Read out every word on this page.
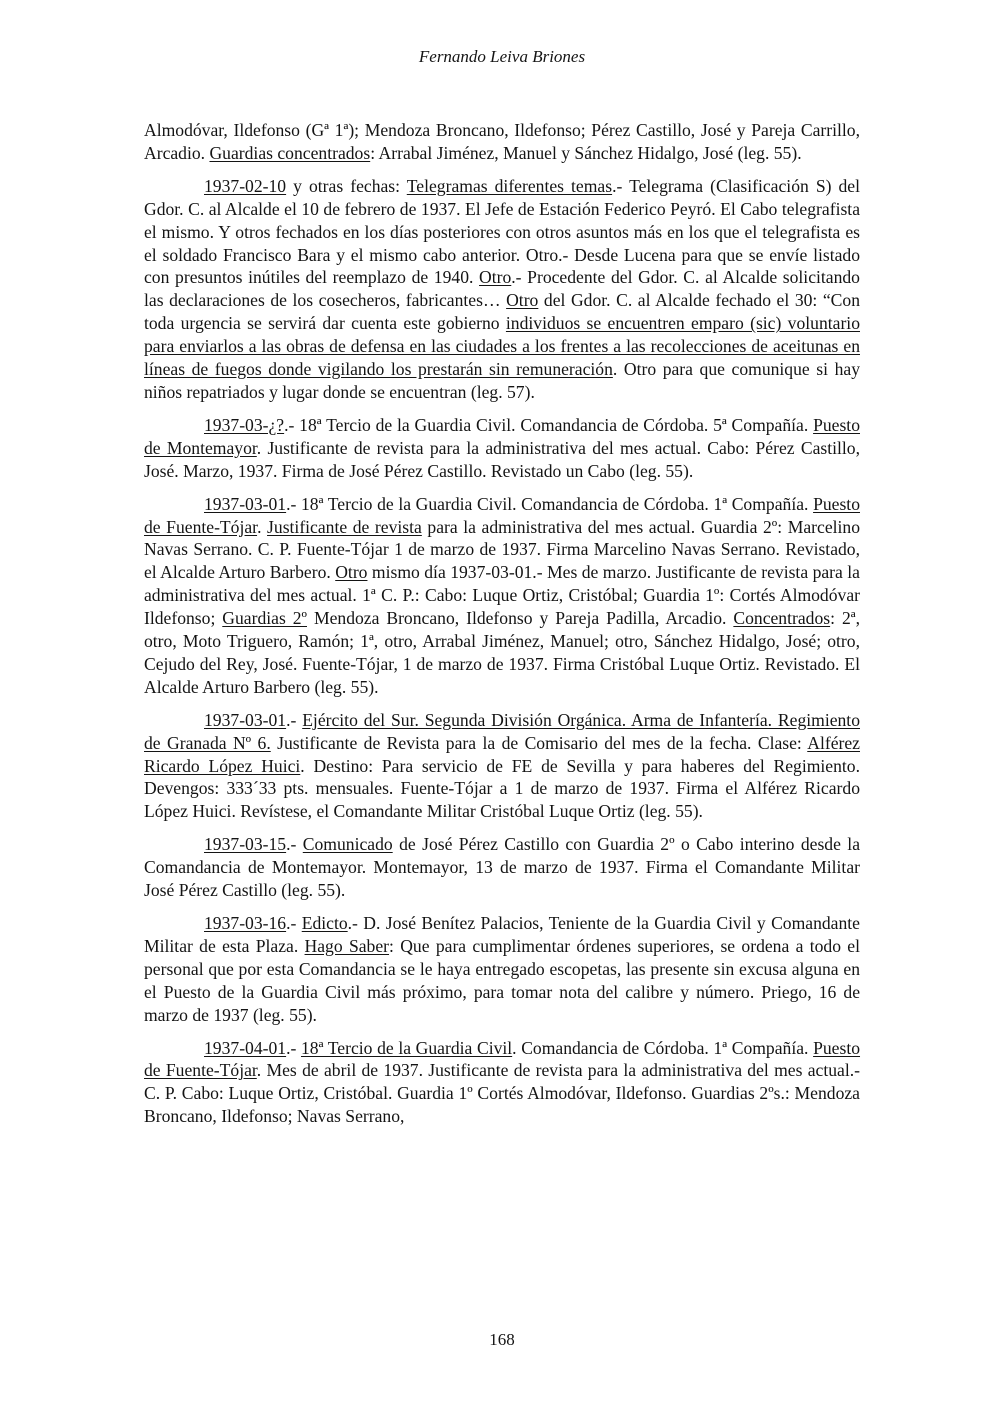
Fernando Leiva Briones

Almodóvar, Ildefonso (Gª 1ª); Mendoza Broncano, Ildefonso; Pérez Castillo, José y Pareja Carrillo, Arcadio. Guardias concentrados: Arrabal Jiménez, Manuel y Sánchez Hidalgo, José (leg. 55).

1937-02-10 y otras fechas: Telegramas diferentes temas.- Telegrama (Clasificación S) del Gdor. C. al Alcalde el 10 de febrero de 1937. El Jefe de Estación Federico Peyró. El Cabo telegrafista el mismo. Y otros fechados en los días posteriores con otros asuntos más en los que el telegrafista es el soldado Francisco Bara y el mismo cabo anterior. Otro.- Desde Lucena para que se envíe listado con presuntos inútiles del reemplazo de 1940. Otro.- Procedente del Gdor. C. al Alcalde solicitando las declaraciones de los cosecheros, fabricantes… Otro del Gdor. C. al Alcalde fechado el 30: “Con toda urgencia se servirá dar cuenta este gobierno individuos se encuentren emparo (sic) voluntario para enviarlos a las obras de defensa en las ciudades a los frentes a las recolecciones de aceitunas en líneas de fuegos donde vigilando los prestarán sin remuneración. Otro para que comunique si hay niños repatriados y lugar donde se encuentran (leg. 57).

1937-03-¿?.- 18ª Tercio de la Guardia Civil. Comandancia de Córdoba. 5ª Compañía. Puesto de Montemayor. Justificante de revista para la administrativa del mes actual. Cabo: Pérez Castillo, José. Marzo, 1937. Firma de José Pérez Castillo. Revistado un Cabo (leg. 55).

1937-03-01.- 18ª Tercio de la Guardia Civil. Comandancia de Córdoba. 1ª Compañía. Puesto de Fuente-Tójar. Justificante de revista para la administrativa del mes actual. Guardia 2º: Marcelino Navas Serrano. C. P. Fuente-Tójar 1 de marzo de 1937. Firma Marcelino Navas Serrano. Revistado, el Alcalde Arturo Barbero. Otro mismo día 1937-03-01.- Mes de marzo. Justificante de revista para la administrativa del mes actual. 1ª C. P.: Cabo: Luque Ortiz, Cristóbal; Guardia 1º: Cortés Almodóvar Ildefonso; Guardias 2º Mendoza Broncano, Ildefonso y Pareja Padilla, Arcadio. Concentrados: 2ª, otro, Moto Triguero, Ramón; 1ª, otro, Arrabal Jiménez, Manuel; otro, Sánchez Hidalgo, José; otro, Cejudo del Rey, José. Fuente-Tójar, 1 de marzo de 1937. Firma Cristóbal Luque Ortiz. Revistado. El Alcalde Arturo Barbero (leg. 55).

1937-03-01.- Ejército del Sur. Segunda División Orgánica. Arma de Infantería. Regimiento de Granada Nº 6. Justificante de Revista para la de Comisario del mes de la fecha. Clase: Alférez Ricardo López Huici. Destino: Para servicio de FE de Sevilla y para haberes del Regimiento. Devengos: 333´33 pts. mensuales. Fuente-Tójar a 1 de marzo de 1937. Firma el Alférez Ricardo López Huici. Revístese, el Comandante Militar Cristóbal Luque Ortiz (leg. 55).

1937-03-15.- Comunicado de José Pérez Castillo con Guardia 2º o Cabo interino desde la Comandancia de Montemayor. Montemayor, 13 de marzo de 1937. Firma el Comandante Militar José Pérez Castillo (leg. 55).

1937-03-16.- Edicto.- D. José Benítez Palacios, Teniente de la Guardia Civil y Comandante Militar de esta Plaza. Hago Saber: Que para cumplimentar órdenes superiores, se ordena a todo el personal que por esta Comandancia se le haya entregado escopetas, las presente sin excusa alguna en el Puesto de la Guardia Civil más próximo, para tomar nota del calibre y número. Priego, 16 de marzo de 1937 (leg. 55).

1937-04-01.- 18ª Tercio de la Guardia Civil. Comandancia de Córdoba. 1ª Compañía. Puesto de Fuente-Tójar. Mes de abril de 1937. Justificante de revista para la administrativa del mes actual.- C. P. Cabo: Luque Ortiz, Cristóbal. Guardia 1º Cortés Almodóvar, Ildefonso. Guardias 2ºs.: Mendoza Broncano, Ildefonso; Navas Serrano,

168
